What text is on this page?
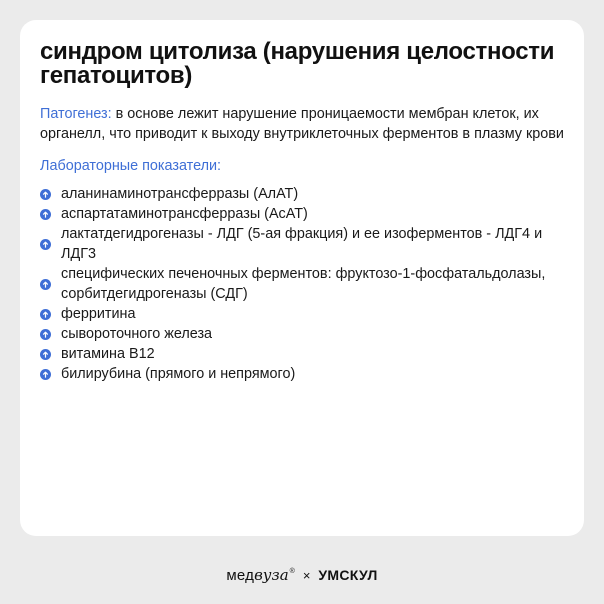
синдром цитолиза (нарушения целостности гепатоцитов)

Патогенез: в основе лежит нарушение проницаемости мембран клеток, их органелл, что приводит к выходу внутриклеточных ферментов в плазму крови

Лабораторные показатели:

аланинаминотрансферразы (АлАТ)
аспартатаминотрансферразы (АсАТ)
лактатдегидрогеназы - ЛДГ (5-ая фракция) и ее изоферментов - ЛДГ4 и ЛДГ3
специфических печеночных ферментов: фруктозо-1-фосфатальдолазы, сорбитдегидрогеназы (СДГ)
ферритина
сывороточного железа
витамина В12
билирубина (прямого и непрямого)
медвуза® × УМСКУЛ
